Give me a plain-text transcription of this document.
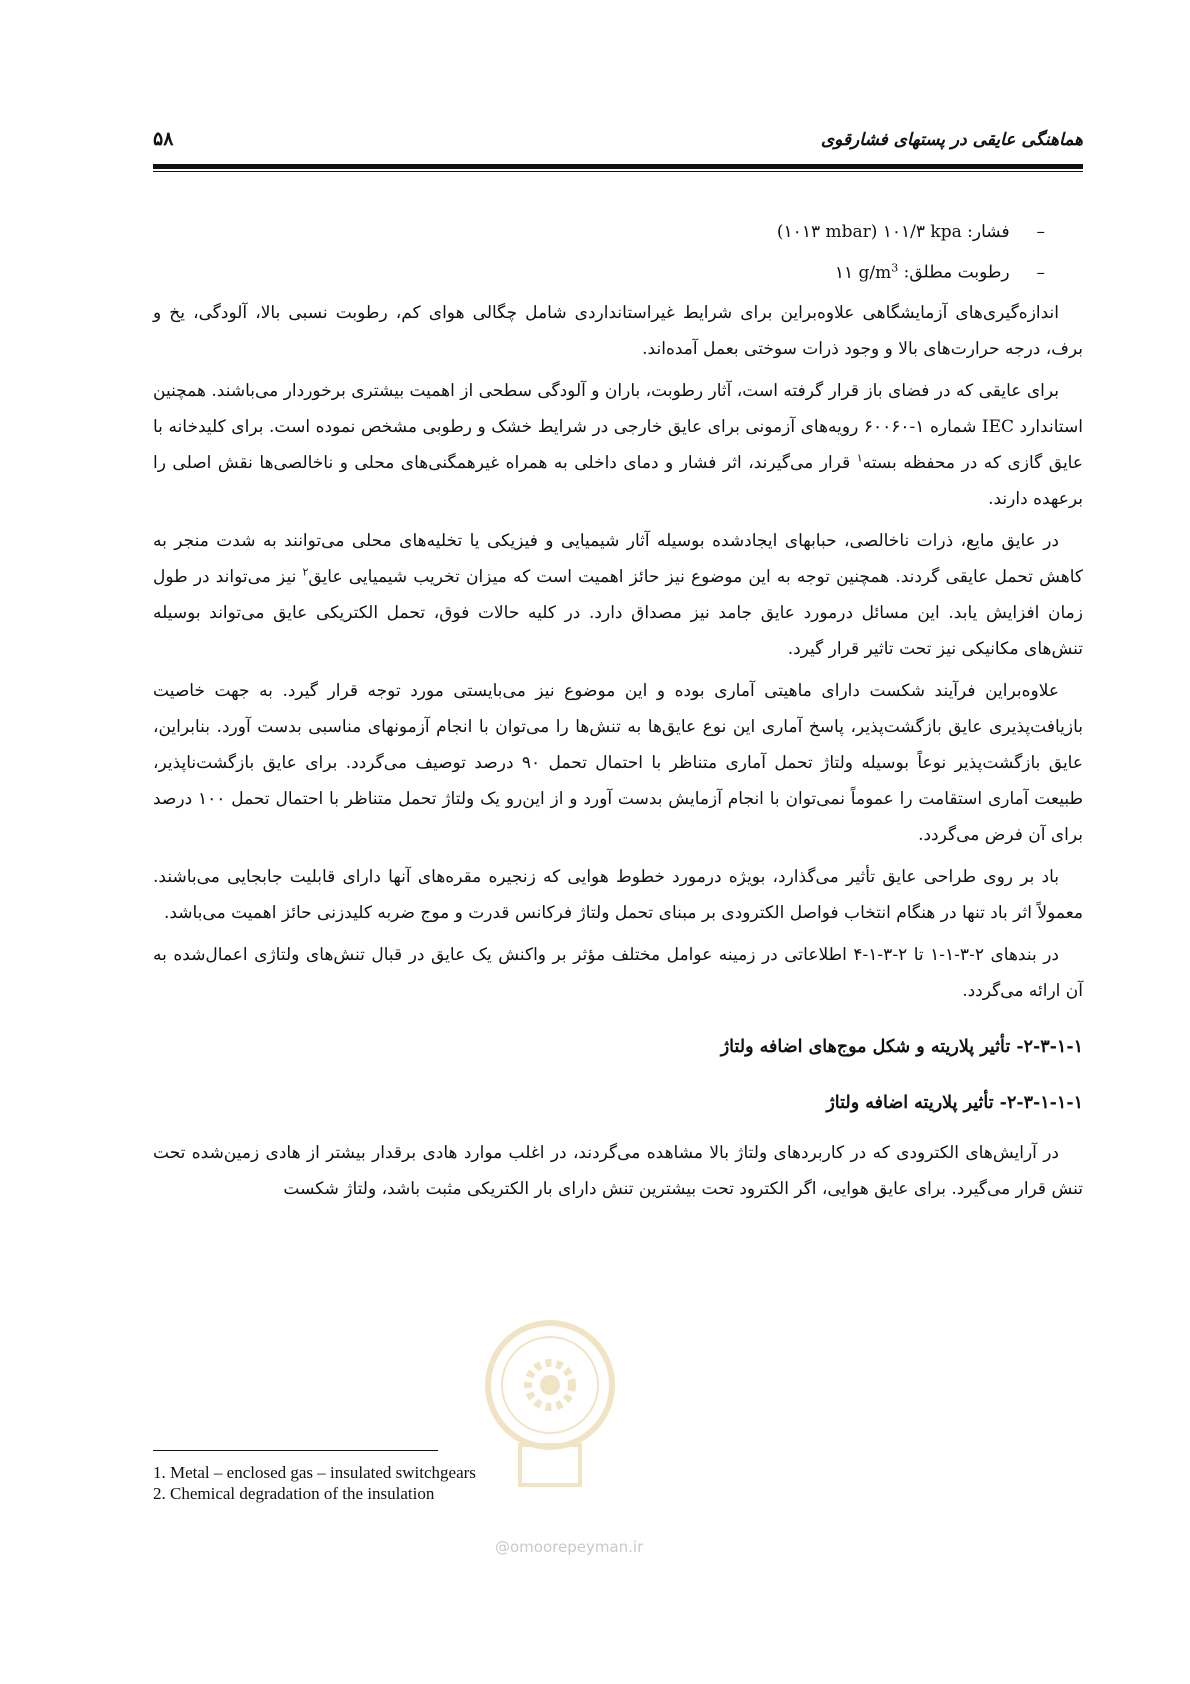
هماهنگی عایقی در پستهای فشارقوی
۵۸

– فشار: (۱۰۱۳ mbar) ۱۰۱/۳ kpa

– رطوبت مطلق: ۱۱ $g/m^3$

اندازه‌گیری‌های آزمایشگاهی علاوه‌براین برای شرایط غیراستانداردی شامل چگالی هوای کم، رطوبت نسبی بالا، آلودگی، یخ و برف، درجه حرارت‌های بالا و وجود ذرات سوختی بعمل آمده‌اند.

برای عایقی که در فضای باز قرار گرفته است، آثار رطوبت، باران و آلودگی سطحی از اهمیت بیشتری برخوردار می‌باشند. همچنین استاندارد IEC شماره ۱-۶۰۰۶۰ رویه‌های آزمونی برای عایق خارجی در شرایط خشک و رطوبی مشخص نموده است. برای کلیدخانه با عایق گازی که در محفظه بسته$^۱$ قرار می‌گیرند، اثر فشار و دمای داخلی به همراه غیرهمگنی‌های محلی و ناخالصی‌ها نقش اصلی را برعهده دارند.

در عایق مایع، ذرات ناخالصی، حبابهای ایجادشده بوسیله آثار شیمیایی و فیزیکی یا تخلیه‌های محلی می‌توانند به شدت منجر به کاهش تحمل عایقی گردند. همچنین توجه به این موضوع نیز حائز اهمیت است که میزان تخریب شیمیایی عایق$^۲$ نیز می‌تواند در طول زمان افزایش یابد. این مسائل درمورد عایق جامد نیز مصداق دارد. در کلیه حالات فوق، تحمل الکتریکی عایق می‌تواند بوسیله تنش‌های مکانیکی نیز تحت تاثیر قرار گیرد.

علاوه‌براین فرآیند شکست دارای ماهیتی آماری بوده و این موضوع نیز می‌بایستی مورد توجه قرار گیرد. به جهت خاصیت بازیافت‌پذیری عایق بازگشت‌پذیر، پاسخ آماری این نوع عایق‌ها به تنش‌ها را می‌توان با انجام آزمونهای مناسبی بدست آورد. بنابراین، عایق بازگشت‌پذیر نوعاً بوسیله ولتاژ تحمل آماری متناظر با احتمال تحمل ۹۰ درصد توصیف می‌گردد. برای عایق بازگشت‌ناپذیر، طبیعت آماری استقامت را عموماً نمی‌توان با انجام آزمایش بدست آورد و از این‌رو یک ولتاژ تحمل متناظر با احتمال تحمل ۱۰۰ درصد برای آن فرض می‌گردد.

باد بر روی طراحی عایق تأثیر می‌گذارد، بویژه درمورد خطوط هوایی که زنجیره مقره‌های آنها دارای قابلیت جابجایی می‌باشند. معمولاً اثر باد تنها در هنگام انتخاب فواصل الکترودی بر مبنای تحمل ولتاژ فرکانس قدرت و موج ضربه کلیدزنی حائز اهمیت می‌باشد.

در بندهای ۲-۳-۱-۱ تا ۲-۳-۱-۴ اطلاعاتی در زمینه عوامل مختلف مؤثر بر واکنش یک عایق در قبال تنش‌های ولتاژی اعمال‌شده به آن ارائه می‌گردد.

۲-۳-۱-۱- تأثیر پلاریته و شکل موج‌های اضافه ولتاژ
۲-۳-۱-۱-۱- تأثیر پلاریته اضافه ولتاژ

در آرایش‌های الکترودی که در کاربردهای ولتاژ بالا مشاهده می‌گردند، در اغلب موارد هادی برقدار بیشتر از هادی زمین‌شده تحت تنش قرار می‌گیرد. برای عایق هوایی، اگر الکترود تحت بیشترین تنش دارای بار الکتریکی مثبت باشد، ولتاژ شکست

@omoorepeyman.ir
1. Metal – enclosed gas – insulated switchgears
2. Chemical degradation of the insulation
